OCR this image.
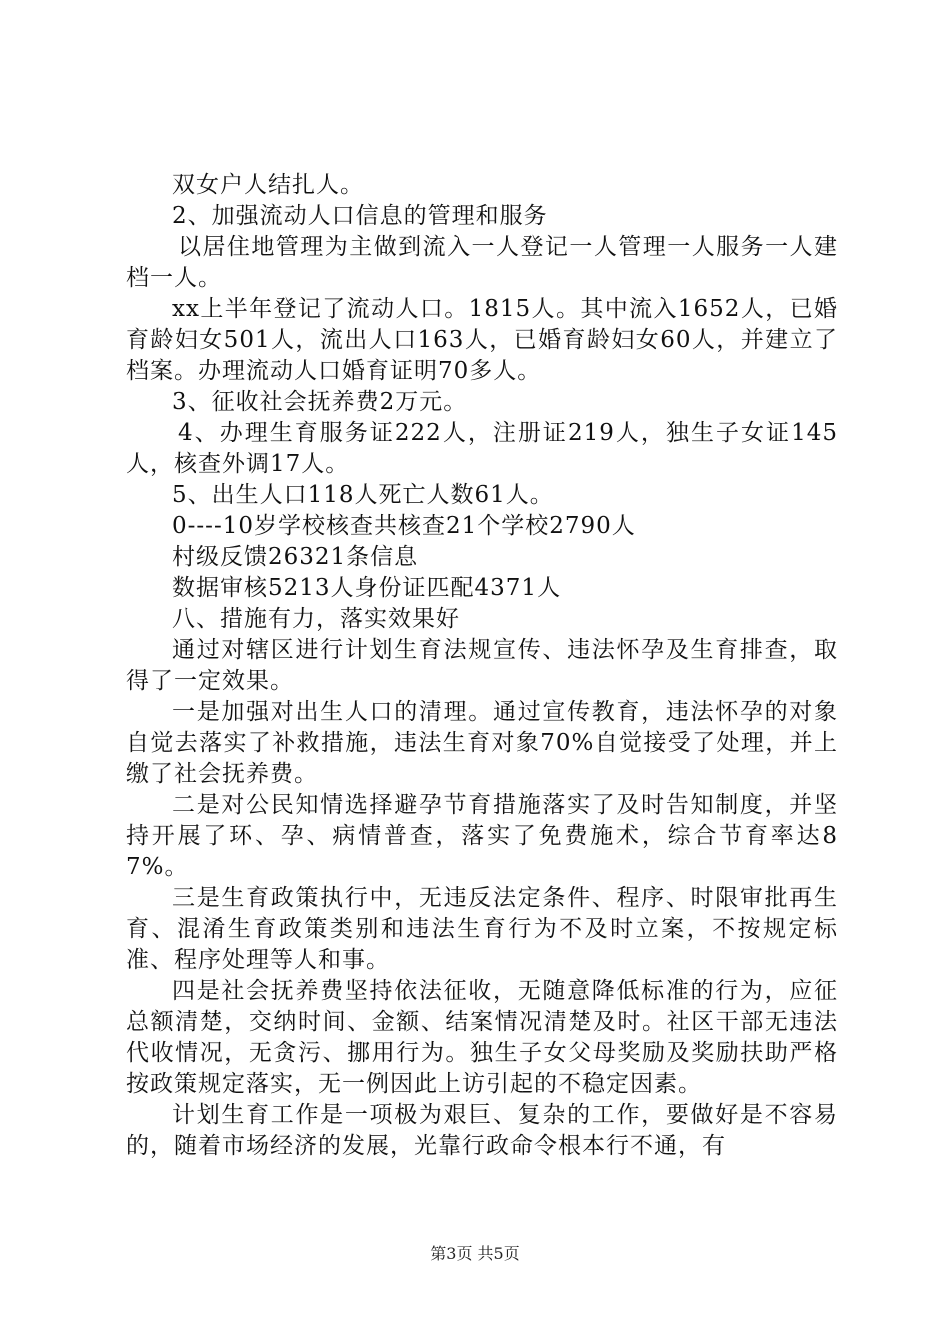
双女户人结扎人。

2、加强流动人口信息的管理和服务

以居住地管理为主做到流入一人登记一人管理一人服务一人建档一人。

xx上半年登记了流动人口。1815人。其中流入1652人，已婚育龄妇女501人，流出人口163人，已婚育龄妇女60人，并建立了档案。办理流动人口婚育证明70多人。

3、征收社会抚养费2万元。

4、办理生育服务证222人，注册证219人，独生子女证145人，核查外调17人。

5、出生人口118人死亡人数61人。

0----10岁学校核查共核查21个学校2790人

村级反馈26321条信息

数据审核5213人身份证匹配4371人

八、措施有力，落实效果好

通过对辖区进行计划生育法规宣传、违法怀孕及生育排查，取得了一定效果。

一是加强对出生人口的清理。通过宣传教育，违法怀孕的对象自觉去落实了补救措施，违法生育对象70%自觉接受了处理，并上缴了社会抚养费。

二是对公民知情选择避孕节育措施落实了及时告知制度，并坚持开展了环、孕、病情普查，落实了免费施术，综合节育率达87%。

三是生育政策执行中，无违反法定条件、程序、时限审批再生育、混淆生育政策类别和违法生育行为不及时立案，不按规定标准、程序处理等人和事。

四是社会抚养费坚持依法征收，无随意降低标准的行为，应征总额清楚，交纳时间、金额、结案情况清楚及时。社区干部无违法代收情况，无贪污、挪用行为。独生子女父母奖励及奖励扶助严格按政策规定落实，无一例因此上访引起的不稳定因素。

计划生育工作是一项极为艰巨、复杂的工作，要做好是不容易的，随着市场经济的发展，光靠行政命令根本行不通，有

第3页 共5页
